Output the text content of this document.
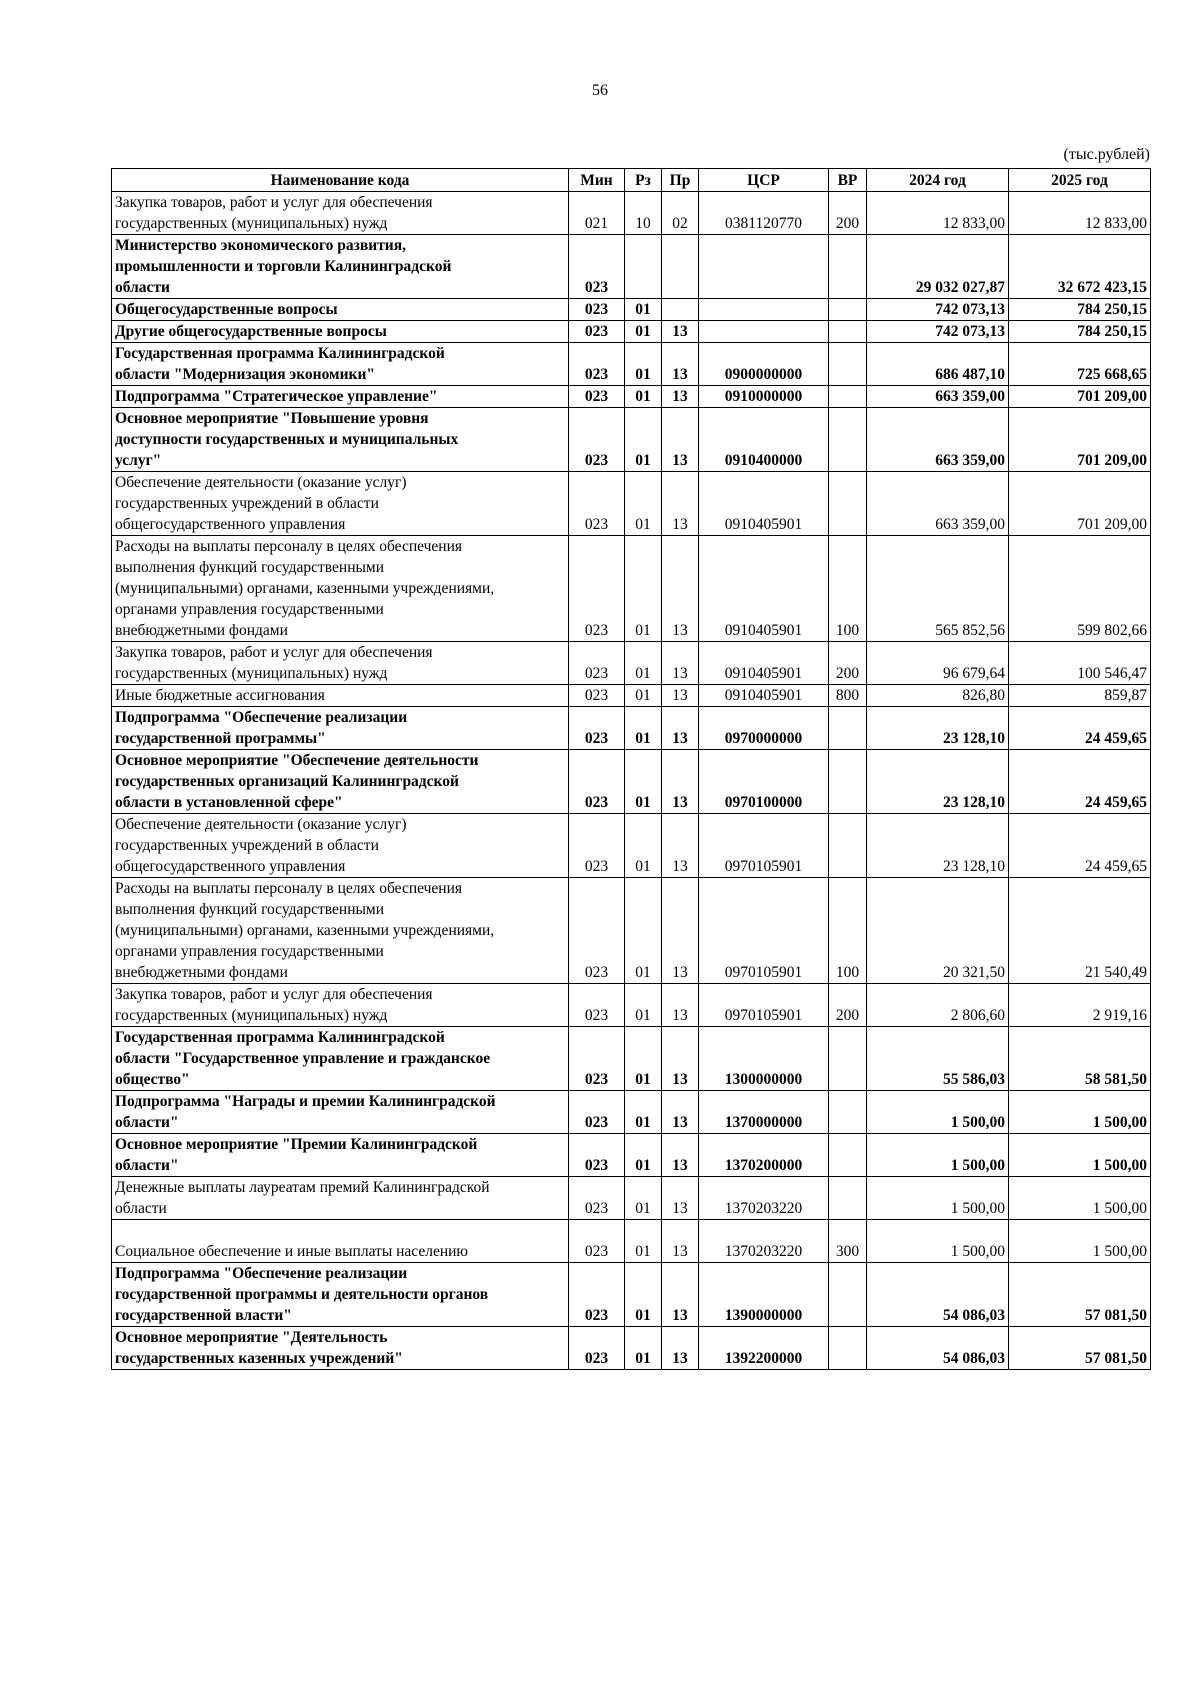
56
(тыс.рублей)
Наименование кода	Мин	Рз	Пр	ЦСР	ВР	2024 год	2025 год
Закупка товаров, работ и услуг для обеспечения
государственных (муниципальных) нужд	021	10	02	0381120770	200	12 833,00	12 833,00
Министерство экономического развития,
промышленности и торговли Калининградской
области	023					29 032 027,87	32 672 423,15
Общегосударственные вопросы	023	01				742 073,13	784 250,15
Другие общегосударственные вопросы	023	01	13			742 073,13	784 250,15
Государственная программа Калининградской
области "Модернизация экономики"	023	01	13	0900000000		686 487,10	725 668,65
Подпрограмма "Стратегическое управление"	023	01	13	0910000000		663 359,00	701 209,00
Основное мероприятие "Повышение уровня
доступности государственных и муниципальных
услуг"	023	01	13	0910400000		663 359,00	701 209,00
Обеспечение деятельности (оказание услуг)
государственных учреждений в области
общегосударственного управления	023	01	13	0910405901		663 359,00	701 209,00
Расходы на выплаты персоналу в целях обеспечения
выполнения функций государственными
(муниципальными) органами, казенными учреждениями,
органами управления государственными
внебюджетными фондами	023	01	13	0910405901	100	565 852,56	599 802,66
Закупка товаров, работ и услуг для обеспечения
государственных (муниципальных) нужд	023	01	13	0910405901	200	96 679,64	100 546,47
Иные бюджетные ассигнования	023	01	13	0910405901	800	826,80	859,87
Подпрограмма "Обеспечение реализации
государственной программы"	023	01	13	0970000000		23 128,10	24 459,65
Основное мероприятие "Обеспечение деятельности
государственных организаций Калининградской
области в установленной сфере"	023	01	13	0970100000		23 128,10	24 459,65
Обеспечение деятельности (оказание услуг)
государственных учреждений в области
общегосударственного управления	023	01	13	0970105901		23 128,10	24 459,65
Расходы на выплаты персоналу в целях обеспечения
выполнения функций государственными
(муниципальными) органами, казенными учреждениями,
органами управления государственными
внебюджетными фондами	023	01	13	0970105901	100	20 321,50	21 540,49
Закупка товаров, работ и услуг для обеспечения
государственных (муниципальных) нужд	023	01	13	0970105901	200	2 806,60	2 919,16
Государственная программа Калининградской
области "Государственное управление и гражданское
общество"	023	01	13	1300000000		55 586,03	58 581,50
Подпрограмма "Награды и премии Калининградской
области"	023	01	13	1370000000		1 500,00	1 500,00
Основное мероприятие "Премии Калининградской
области"	023	01	13	1370200000		1 500,00	1 500,00
Денежные выплаты лауреатам премий Калининградской
области	023	01	13	1370203220		1 500,00	1 500,00

Социальное обеспечение и иные выплаты населению	023	01	13	1370203220	300	1 500,00	1 500,00
Подпрограмма "Обеспечение реализации
государственной программы и деятельности органов
государственной власти"	023	01	13	1390000000		54 086,03	57 081,50
Основное мероприятие "Деятельность
государственных казенных учреждений"	023	01	13	1392200000		54 086,03	57 081,50
